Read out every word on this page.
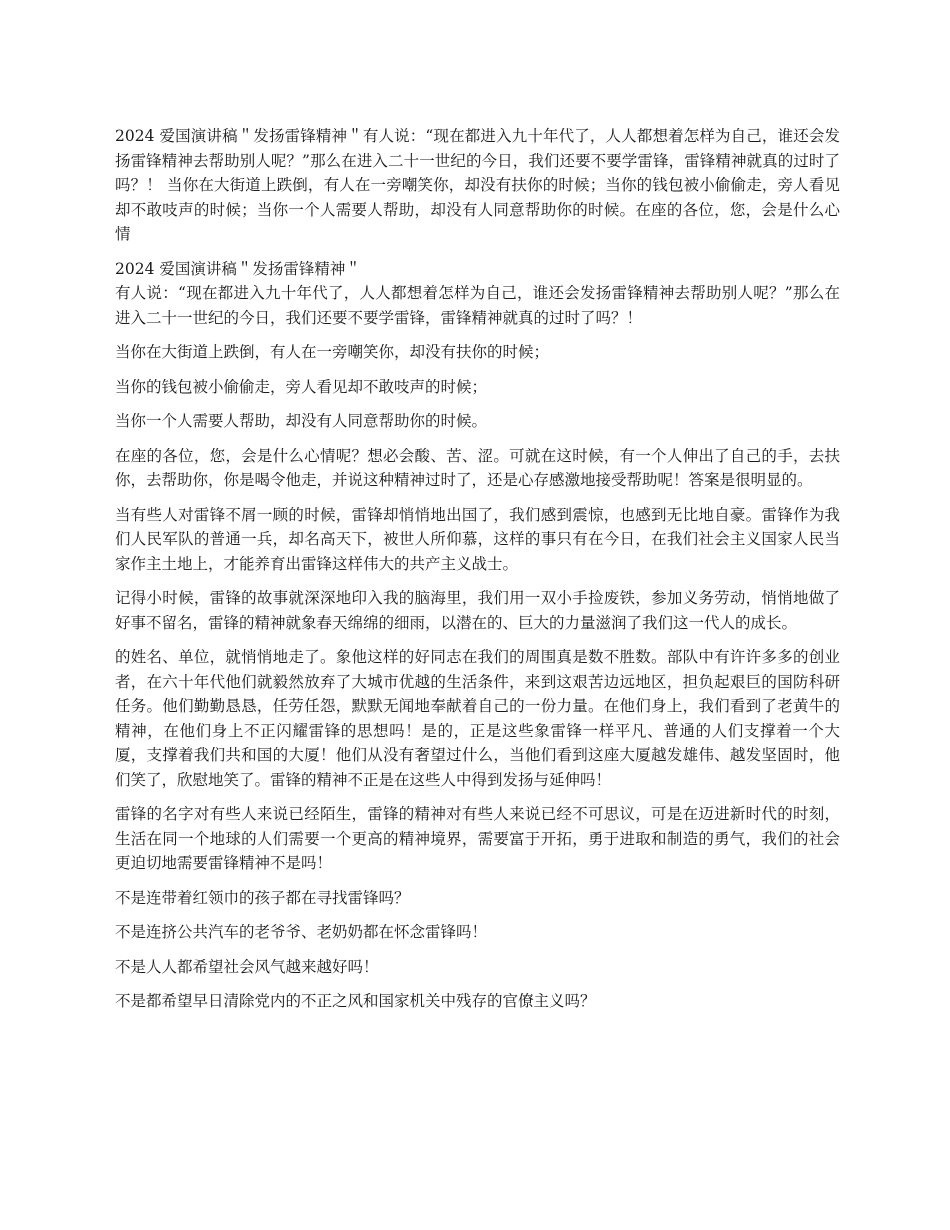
2024 爱国演讲稿＂发扬雷锋精神＂有人说：“现在都进入九十年代了，人人都想着怎样为自己，谁还会发扬雷锋精神去帮助别人呢？”那么在进入二十一世纪的今日，我们还要不要学雷锋，雷锋精神就真的过时了吗？！ 当你在大街道上跌倒，有人在一旁嘲笑你，却没有扶你的时候；当你的钱包被小偷偷走，旁人看见却不敢吱声的时候；当你一个人需要人帮助，却没有人同意帮助你的时候。在座的各位，您，会是什么心情

2024 爱国演讲稿＂发扬雷锋精神＂
有人说：“现在都进入九十年代了，人人都想着怎样为自己，谁还会发扬雷锋精神去帮助别人呢？”那么在进入二十一世纪的今日，我们还要不要学雷锋，雷锋精神就真的过时了吗？！

当你在大街道上跌倒，有人在一旁嘲笑你，却没有扶你的时候；

当你的钱包被小偷偷走，旁人看见却不敢吱声的时候；

当你一个人需要人帮助，却没有人同意帮助你的时候。

在座的各位，您，会是什么心情呢？想必会酸、苦、涩。可就在这时候，有一个人伸出了自己的手，去扶你，去帮助你，你是喝令他走，并说这种精神过时了，还是心存感激地接受帮助呢！答案是很明显的。

当有些人对雷锋不屑一顾的时候，雷锋却悄悄地出国了，我们感到震惊，也感到无比地自豪。雷锋作为我们人民军队的普通一兵，却名高天下，被世人所仰慕，这样的事只有在今日，在我们社会主义国家人民当家作主土地上，才能养育出雷锋这样伟大的共产主义战士。

记得小时候，雷锋的故事就深深地印入我的脑海里，我们用一双小手捡废铁，参加义务劳动，悄悄地做了好事不留名，雷锋的精神就象春天绵绵的细雨，以潜在的、巨大的力量滋润了我们这一代人的成长。

的姓名、单位，就悄悄地走了。象他这样的好同志在我们的周围真是数不胜数。部队中有许许多多的创业者，在六十年代他们就毅然放弃了大城市优越的生活条件，来到这艰苦边远地区，担负起艰巨的国防科研任务。他们勤勤恳恳，任劳任怨，默默无闻地奉献着自己的一份力量。在他们身上，我们看到了老黄牛的精神，在他们身上不正闪耀雷锋的思想吗！是的，正是这些象雷锋一样平凡、普通的人们支撑着一个大厦，支撑着我们共和国的大厦！他们从没有奢望过什么，当他们看到这座大厦越发雄伟、越发坚固时，他们笑了，欣慰地笑了。雷锋的精神不正是在这些人中得到发扬与延伸吗！

雷锋的名字对有些人来说已经陌生，雷锋的精神对有些人来说已经不可思议，可是在迈进新时代的时刻，生活在同一个地球的人们需要一个更高的精神境界，需要富于开拓，勇于进取和制造的勇气，我们的社会更迫切地需要雷锋精神不是吗！

不是连带着红领巾的孩子都在寻找雷锋吗？

不是连挤公共汽车的老爷爷、老奶奶都在怀念雷锋吗！

不是人人都希望社会风气越来越好吗！

不是都希望早日清除党内的不正之风和国家机关中残存的官僚主义吗？
